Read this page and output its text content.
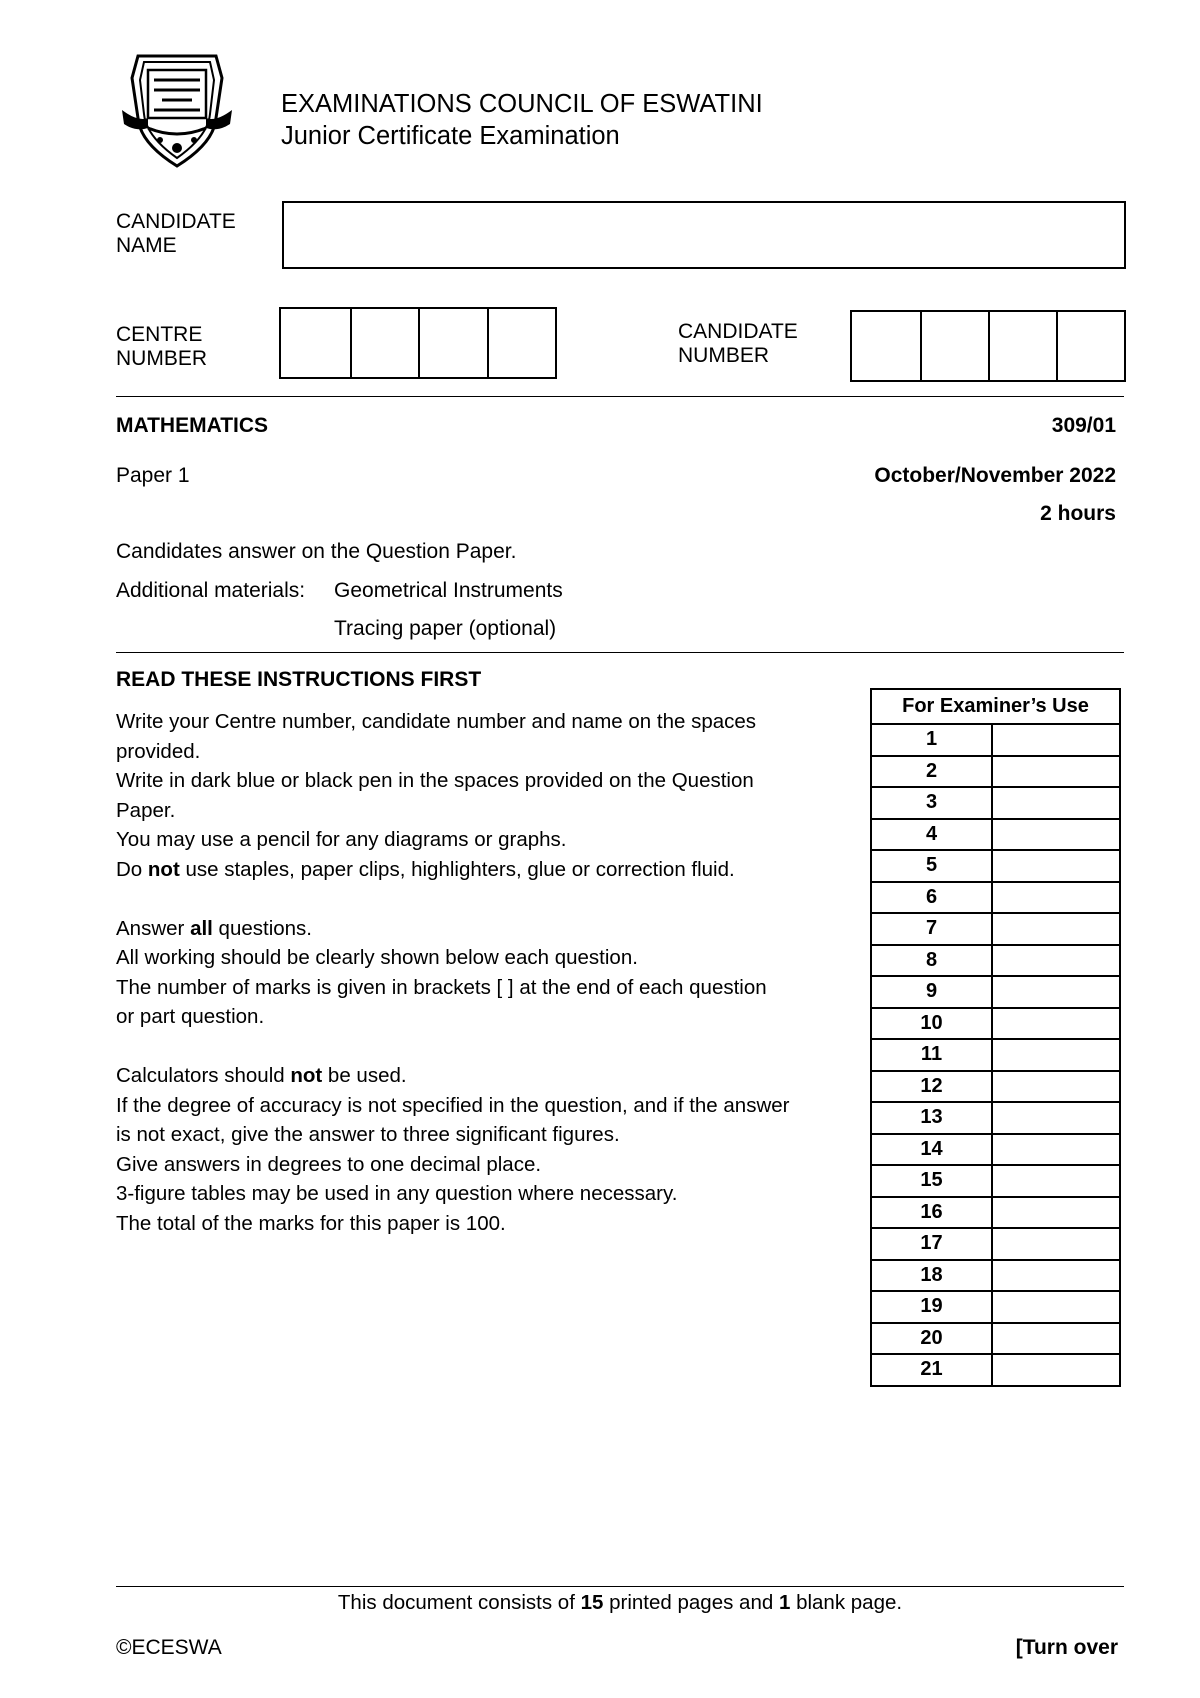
EXAMINATIONS COUNCIL OF ESWATINI
Junior Certificate Examination
CANDIDATE
NAME
CENTRE
NUMBER
CANDIDATE
NUMBER
MATHEMATICS	309/01
Paper 1	October/November 2022
2 hours
Candidates answer on the Question Paper.
Additional materials: Geometrical Instruments
Tracing paper (optional)
READ THESE INSTRUCTIONS FIRST

Write your Centre number, candidate number and name on the spaces

provided.

Write in dark blue or black pen in the spaces provided on the Question

Paper.

You may use a pencil for any diagrams or graphs.

Do not use staples, paper clips, highlighters, glue or correction fluid.

Answer all questions.

All working should be clearly shown below each question.

The number of marks is given in brackets [ ] at the end of each question

or part question.

Calculators should not be used.

If the degree of accuracy is not specified in the question, and if the answer

is not exact, give the answer to three significant figures.

Give answers in degrees to one decimal place.

3-figure tables may be used in any question where necessary.

The total of the marks for this paper is 100.

For Examiner’s Use	
1	
2	
3	
4	
5	
6	
7	
8	
9	
10	
11	
12	
13	
14	
15	
16	
17	
18	
19	
20	
21	
This document consists of 15 printed pages and 1 blank page.
©ECESWA	[Turn over
